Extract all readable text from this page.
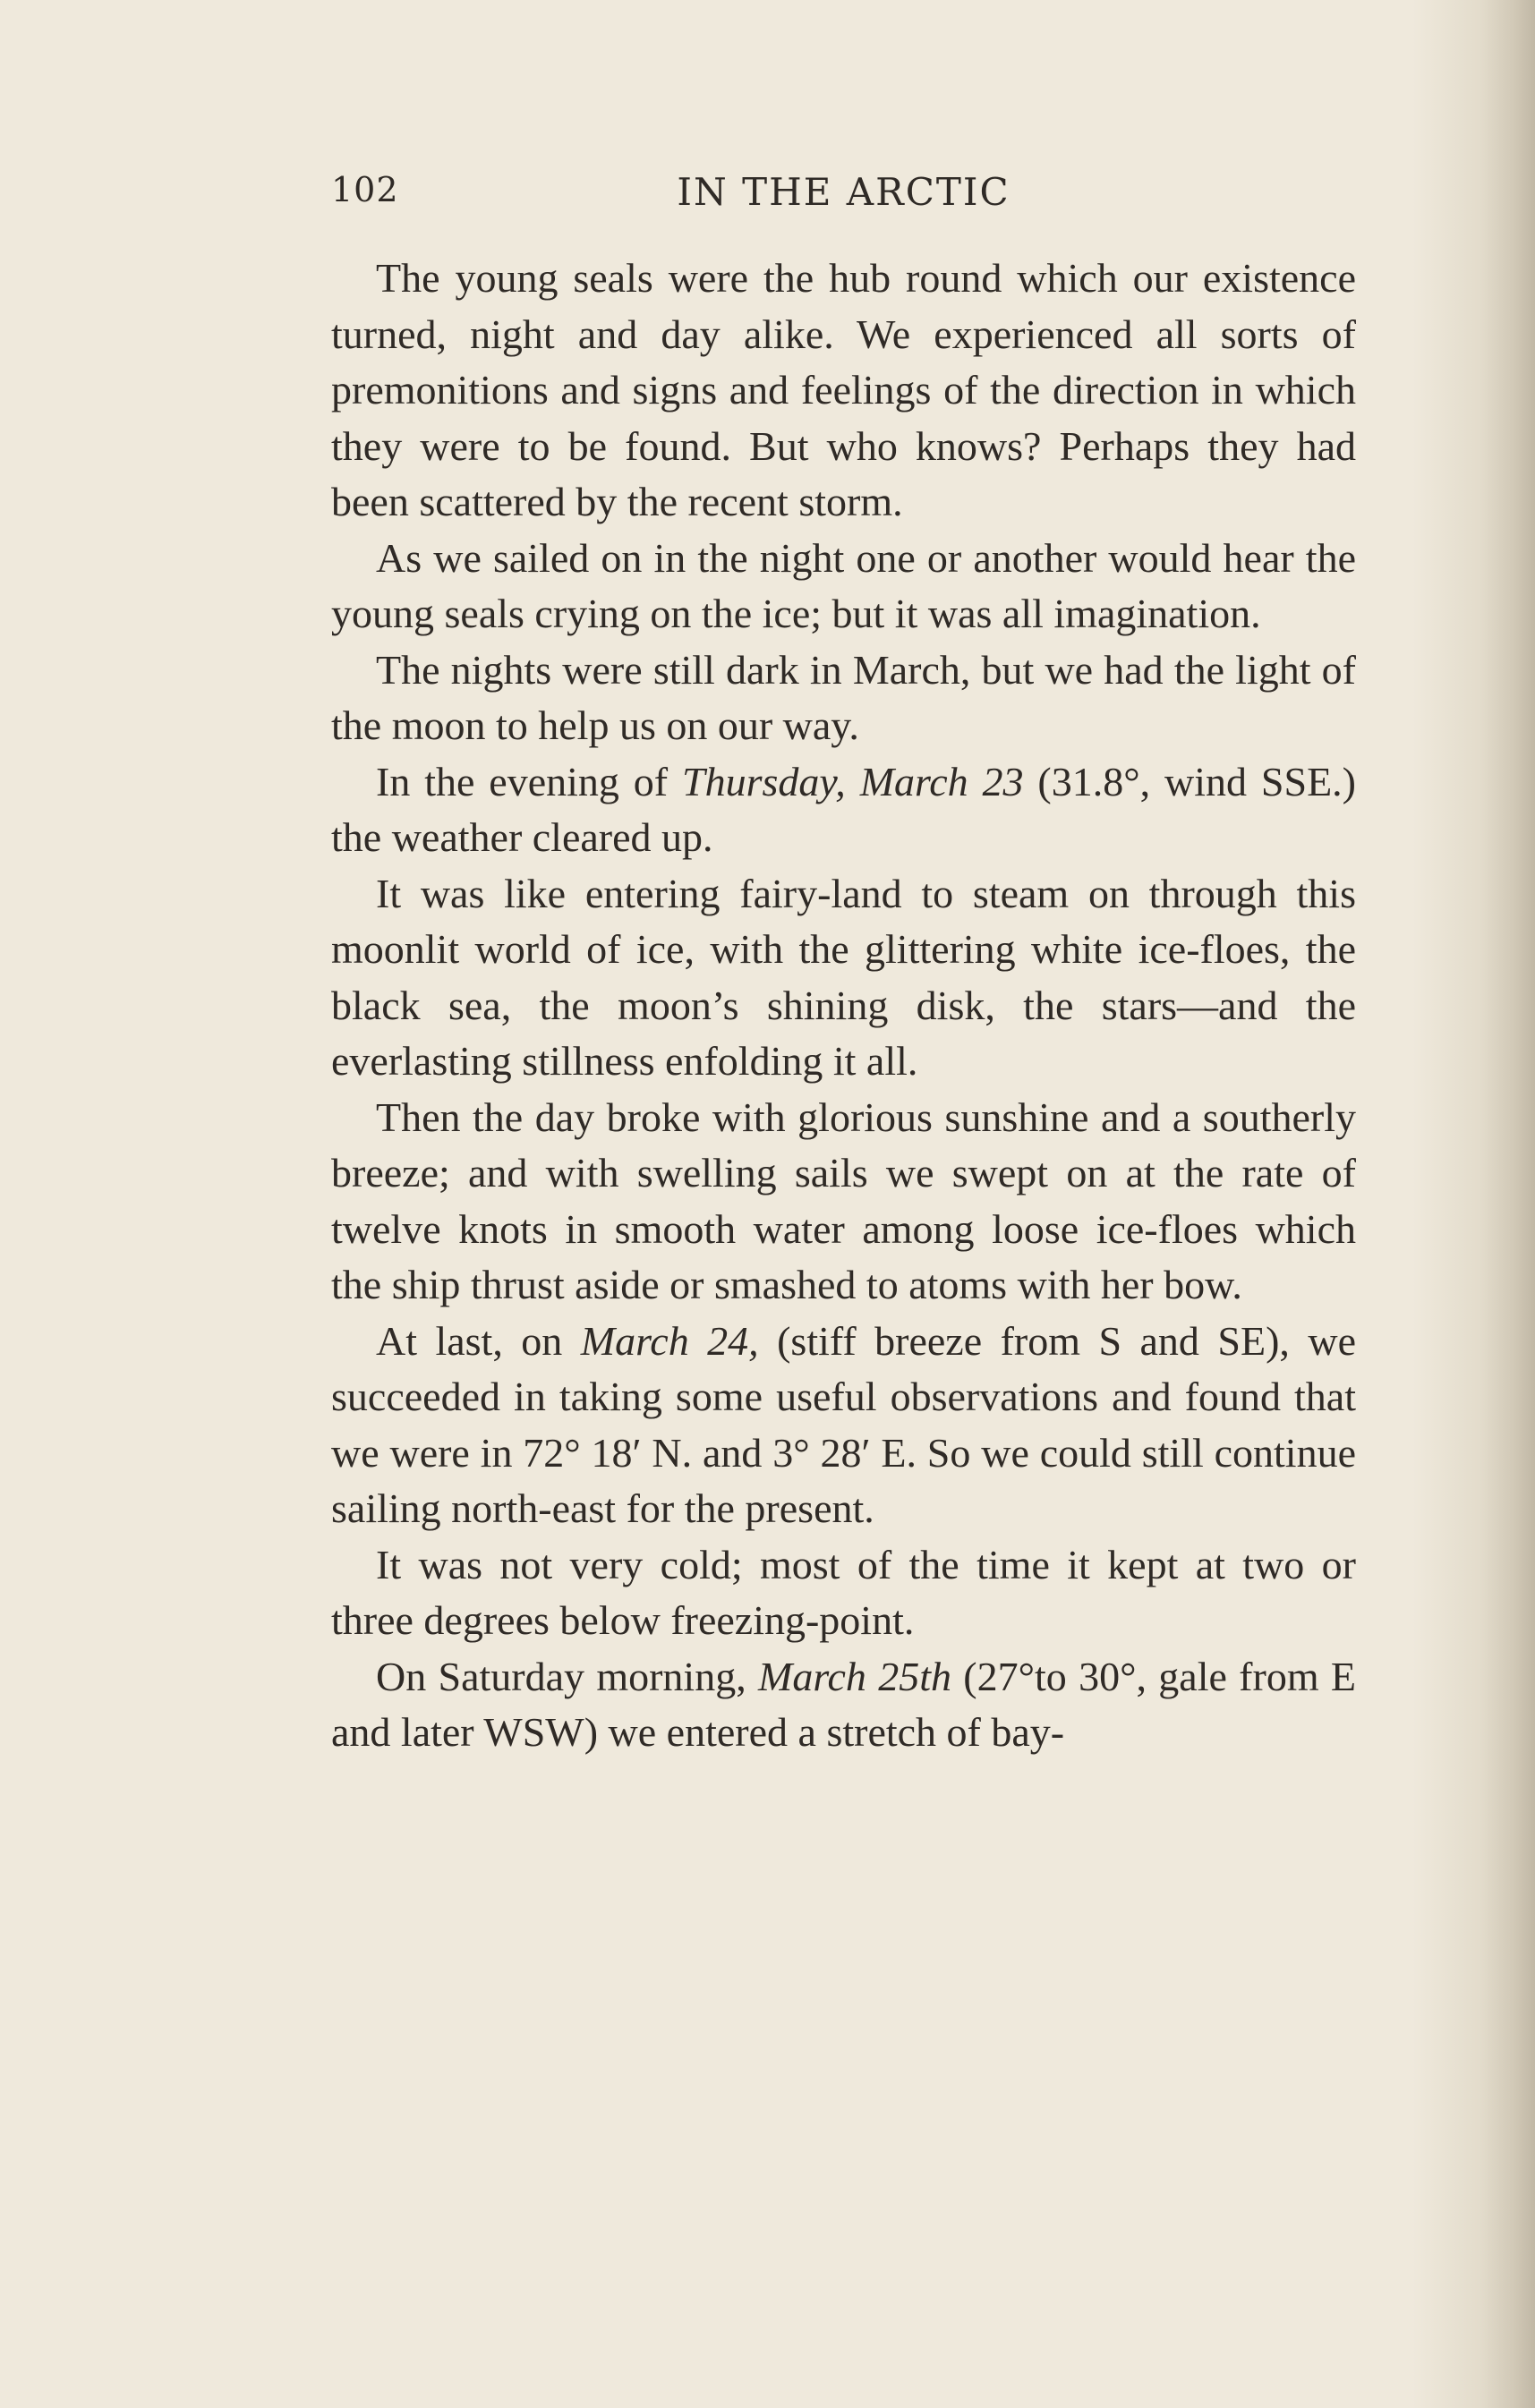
102	IN THE ARCTIC

The young seals were the hub round which our existence turned, night and day alike. We experienced all sorts of premonitions and signs and feelings of the direction in which they were to be found. But who knows? Perhaps they had been scattered by the recent storm.

As we sailed on in the night one or another would hear the young seals crying on the ice; but it was all imagination.

The nights were still dark in March, but we had the light of the moon to help us on our way.

In the evening of Thursday, March 23 (31.8°, wind SSE.) the weather cleared up.

It was like entering fairy-land to steam on through this moonlit world of ice, with the glittering white ice-floes, the black sea, the moon’s shining disk, the stars—and the everlasting stillness enfolding it all.

Then the day broke with glorious sunshine and a southerly breeze; and with swelling sails we swept on at the rate of twelve knots in smooth water among loose ice-floes which the ship thrust aside or smashed to atoms with her bow.

At last, on March 24, (stiff breeze from S and SE), we succeeded in taking some useful observations and found that we were in 72° 18′ N. and 3° 28′ E. So we could still continue sailing north-east for the present.

It was not very cold; most of the time it kept at two or three degrees below freezing-point.

On Saturday morning, March 25th (27°to 30°, gale from E and later WSW) we entered a stretch of bay-
